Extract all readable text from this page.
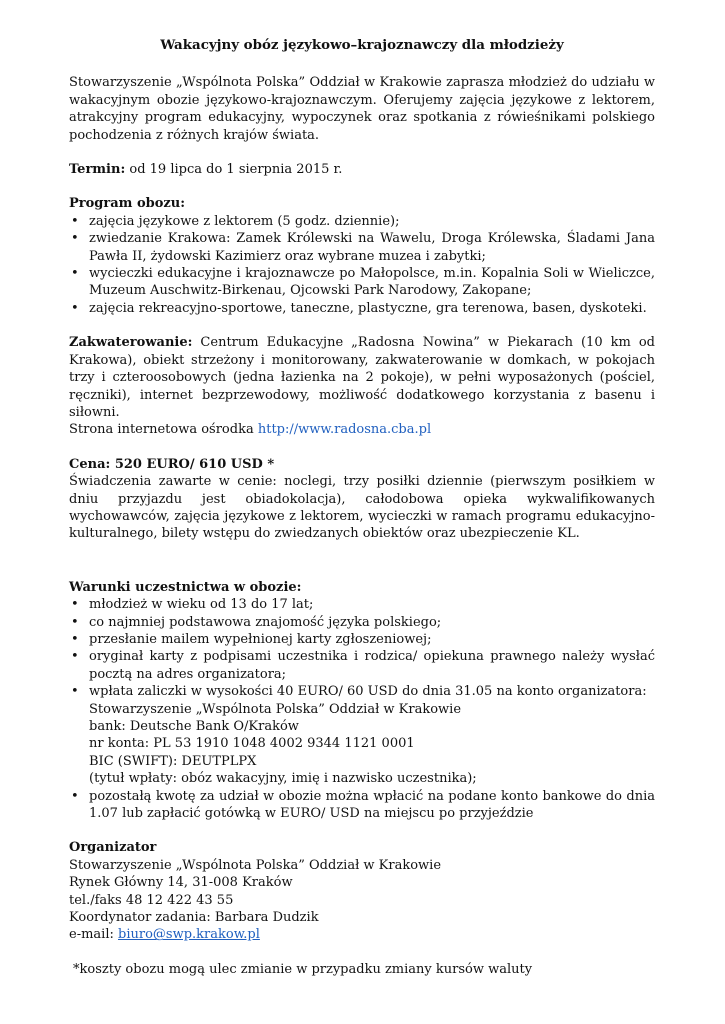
Wakacyjny obóz językowo–krajoznawczy dla młodzieży

Stowarzyszenie „Wspólnota Polska” Oddział w Krakowie zaprasza młodzież do udziału w wakacyjnym obozie językowo-krajoznawczym. Oferujemy zajęcia językowe z lektorem, atrakcyjny program edukacyjny, wypoczynek oraz spotkania z rówieśnikami polskiego pochodzenia z różnych krajów świata.

Termin: od 19 lipca do 1 sierpnia 2015 r.

Program obozu:
• zajęcia językowe z lektorem (5 godz. dziennie);
• zwiedzanie Krakowa: Zamek Królewski na Wawelu, Droga Królewska, Śladami Jana Pawła II, żydowski Kazimierz oraz wybrane muzea i zabytki;
• wycieczki edukacyjne i krajoznawcze po Małopolsce, m.in. Kopalnia Soli w Wieliczce, Muzeum Auschwitz-Birkenau, Ojcowski Park Narodowy, Zakopane;
• zajęcia rekreacyjno-sportowe, taneczne, plastyczne, gra terenowa, basen, dyskoteki.

Zakwaterowanie: Centrum Edukacyjne „Radosna Nowina” w Piekarach (10 km od Krakowa), obiekt strzeżony i monitorowany, zakwaterowanie w domkach, w pokojach trzy i czteroosobowych (jedna łazienka na 2 pokoje), w pełni wyposażonych (pościel, ręczniki), internet bezprzewodowy, możliwość dodatkowego korzystania z basenu i siłowni.

Strona internetowa ośrodka http://www.radosna.cba.pl
Cena: 520 EURO/ 610 USD *

Świadczenia zawarte w cenie: noclegi, trzy posiłki dziennie (pierwszym posiłkiem w dniu przyjazdu jest obiadokolacja), całodobowa opieka wykwalifikowanych wychowawców, zajęcia językowe z lektorem, wycieczki w ramach programu edukacyjno-kulturalnego, bilety wstępu do zwiedzanych obiektów oraz ubezpieczenie KL.

Warunki uczestnictwa w obozie:
• młodzież w wieku od 13 do 17 lat;
• co najmniej podstawowa znajomość języka polskiego;
• przesłanie mailem wypełnionej karty zgłoszeniowej;
• oryginał karty z podpisami uczestnika i rodzica/ opiekuna prawnego należy wysłać pocztą na adres organizatora;
• wpłata zaliczki w wysokości 40 EURO/ 60 USD do dnia 31.05 na konto organizatora:
Stowarzyszenie „Wspólnota Polska” Oddział w Krakowie
bank: Deutsche Bank O/Kraków
nr konta: PL 53 1910 1048 4002 9344 1121 0001
BIC (SWIFT): DEUTPLPX
(tytuł wpłaty: obóz wakacyjny, imię i nazwisko uczestnika);
• pozostałą kwotę za udział w obozie można wpłacić na podane konto bankowe do dnia 1.07 lub zapłacić gotówką w EURO/ USD na miejscu po przyjeździe
Organizator
Stowarzyszenie „Wspólnota Polska” Oddział w Krakowie
Rynek Główny 14, 31-008 Kraków
tel./faks 48 12 422 43 55
Koordynator zadania: Barbara Dudzik
e-mail: biuro@swp.krakow.pl
*koszty obozu mogą ulec zmianie w przypadku zmiany kursów waluty
